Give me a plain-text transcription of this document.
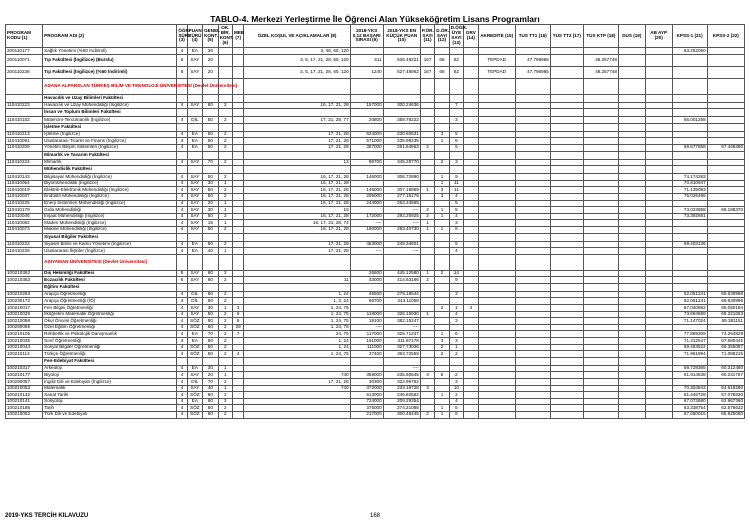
TABLO-4. Merkezi Yerleştirme İle Öğrenci Alan Yükseköğretim Lisans Programları
PROGRAM KODU (1)	PROGRAM ADI (2)	ÖĞR. SÜRE (3)	PUAN TÜRÜ (4)	GENEL KONT. (5)	OK. BİR. KONT. (6)	MEB (7)	ÖZEL KOŞUL VE AÇIKLAMALAR (8)	2018-YKS 0,12 BAŞARI SIRASI (9)	2018-YKS EN KÜÇÜK PUAN (10)	P.ÖR. SAYI (11)	D.ÖR. SAYI (12)	D.ÖĞR. ÜYE SAYI (13)	GRV (14)	AKREDİTE (15)	TUS TT1 (16)	TUS TT2 (17)	TUS KTP (18)	DUS (19)	AB AYP (20)	KPSS-1 (21)	KPSS-2 (22)
200110177	Sağlık Yönetimi (%50 İndirimli)	4	EA	36			3, 46, 60, 120													63.252050	
200110071	Tıp Fakültesi (İngilizce) (Burslu)	6	SAY	20			3, 5, 17, 21, 28, 60, 120	511	536.48221	167	68	62		TEPDAD	47.796965		48.257748				
200110236	Tıp Fakültesi (İngilizce) (%50 İndirimli)	6	SAY	20			3, 5, 17, 21, 28, 60, 120	1240	527.48952	167	68	62		TEPDAD	47.796965		48.257748				
	ADANA ALPARSLAN TÜRKEŞ BİLİM VE TEKNOLOJİ ÜNİVERSİTESİ (Devlet Üniversitesi)																				
	Havacılık ve Uzay Bilimleri Fakültesi																				
110410223	Havacılık ve Uzay Mühendisliği (İngilizce)	4	SAY	60	2		16, 17, 21, 28	157000	300.24636			7									
	İnsan ve Toplum Bilimleri Fakültesi																				
110410152	Mütercim-Tercümanlık (İngilizce)	4	DİL	50	2		17, 21, 28, 77	20800	359.78222			3								66.001258	
	İşletme Fakültesi																				
110410213	İşletme (İngilizce)	4	EA	50	2		17, 21, 28	624000	230.60531		3	5									
110410091	Uluslararası Ticaret ve Finans (İngilizce)	4	EA	50	2		17, 21, 28	571000	235.99235		1	6									
110410209	Yönetim Bilişim Sistemleri (İngilizce)	4	EA	50	2		17, 21, 28	367000	261.64553	2		5								69.577868	67.448380
	Mimarlık ve Tasarım Fakültesi																				
110410224	Mimarlık	4	SAY	70	2		13	96700	345.28770		2	3									
	Mühendislik Fakültesi																				
110410143	Bilgisayar Mühendisliği (İngilizce)	4	SAY	50	2		16, 17, 21, 28	146000	306.72890		1	9								74.174283	
110410064	Biyomühendislik (İngilizce)	4	SAY	30	1		16, 17, 21, 28				1	11								70.810947	
110410019	Elektrik-Elektronik Mühendisliği (İngilizce)	4	SAY	50	2		16, 17, 21, 28	145000	307.18969	1	3	11								71.135093	
110410037	Endüstri Mühendisliği (İngilizce)	4	SAY	50	2		16, 17, 21, 28	205000	277.15178		3	4								75.026486	
110410225	Enerji Sistemleri Mühendisliği (İngilizce)	4	SAY	20	1		16, 17, 21, 28	244000	263.24565			5									
110410179	Gıda Mühendisliği	4	SAY	30	1		16		----	2	1	5								73.023858	68.188370
110410046	İnşaat Mühendisliği (İngilizce)	4	SAY	50	2		16, 17, 21, 28	172000	292.20925	2	1	4								73.392661	
110410082	Maden Mühendisliği (İngilizce)	4	SAY	15	1		16, 17, 21, 28, 74	----	----	1		3									
110410073	Makine Mühendisliği (İngilizce)	4	SAY	50	2		16, 17, 21, 28	190000	283.40730	1	1	8									
	Siyasal Bilgiler Fakültesi																				
110410222	Siyaset Bilimi ve Kamu Yönetimi (İngilizce)	4	EA	50	2		17, 21, 28	453000	249.34801			5								69.403136	
110410226	Uluslararası İlişkiler (İngilizce)	4	EA	40	1		17, 21, 28	----	----			4									
	ADIYAMAN ÜNİVERSİTESİ (Devlet Üniversitesi)																				
100210362	Diş Hekimliği Fakültesi	5	SAY	80	2			26600	445.12580	1	2	14									
100210353	Eczacılık Fakültesi	5	SAY	60	2		11	43000	414.63166	2		9									
	Eğitim Fakültesi																				
100210283	Arapça Öğretmenliği	4	DİL	60	2		1, 24	45500	279.18544			3								62.051241	66.630996
100230172	Arapça Öğretmenliği (İÖ)	4	DİL	60	2		1, 2, 24	56700	243.11058											62.051241	66.630996
100210017	Fen Bilgisi Öğretmenliği	4	SAY	30	1	3	1, 24, 75				2	1	4							67.040662	65.050184
100210026	İlköğretim Matematik Öğretmenliği	4	SAY	50	2	6	1, 24, 75	118000	326.15930	1		4								73.694668	68.321663
100210098	Okul Öncesi Öğretmenliği	4	SÖZ	50	2	5	1, 24, 75	19100	382.15247			3								71.147024	69.381151
100290069	Özel Eğitim Öğretmenliği	4	SÖZ	60	2	29	1, 24, 75	----	----												
100210105	Rehberlik ve Psikolojik Danışmanlık	4	EA	70	2	7	24, 75	117000	325.71247		1	6								77.869309	74.264829
100210035	Sınıf Öğretmenliği	4	EA	60	2		1, 24	151000	311.97178		3	3								71.312547	67.680442
100210044	Sosyal Bilgiler Öğretmenliği	4	SÖZ	50	2		1, 24	111000	327.73036		2	1								69.463522	69.355087
100210114	Türkçe Öğretmenliği	4	SÖZ	50	2	4	1, 24, 75	37400	363.72559		2	2								71.961994	71.086215
	Fen-Edebiyat Fakültesi																				
100210317	Arkeoloji	4	EA	30	1				----											58.728365	60.312480
100210177	Biyoloji	4	SAY	20	1		740	359000	235.50645	3	5	2								61.914538	60.231767
100290057	İngiliz Dili ve Edebiyatı (İngilizce)	4	DİL	70	2		17, 21, 28	30300	322.99762			3									
100210053	Matematik	4	SAY	40	1		740	372000	233.18728	3		10								70.304843	64.619280
100210132	Sanat Tarihi	4	SÖZ	60	2			613000	246.82562		1	2								61.446728	57.078830
100210141	Sosyoloji	4	EA	60	2			724000	209.29354			4								67.073680	62.967360
100210186	Tarih	4	SÖZ	50	2			375000	274.21088		1	5								63.338754	62.576632
100210062	Türk Dili ve Edebiyatı	4	SÖZ	60	2			217000	300.48445	2	1	6								67.050015	65.925080
2019-YKS TERCİH KILAVUZU	168
